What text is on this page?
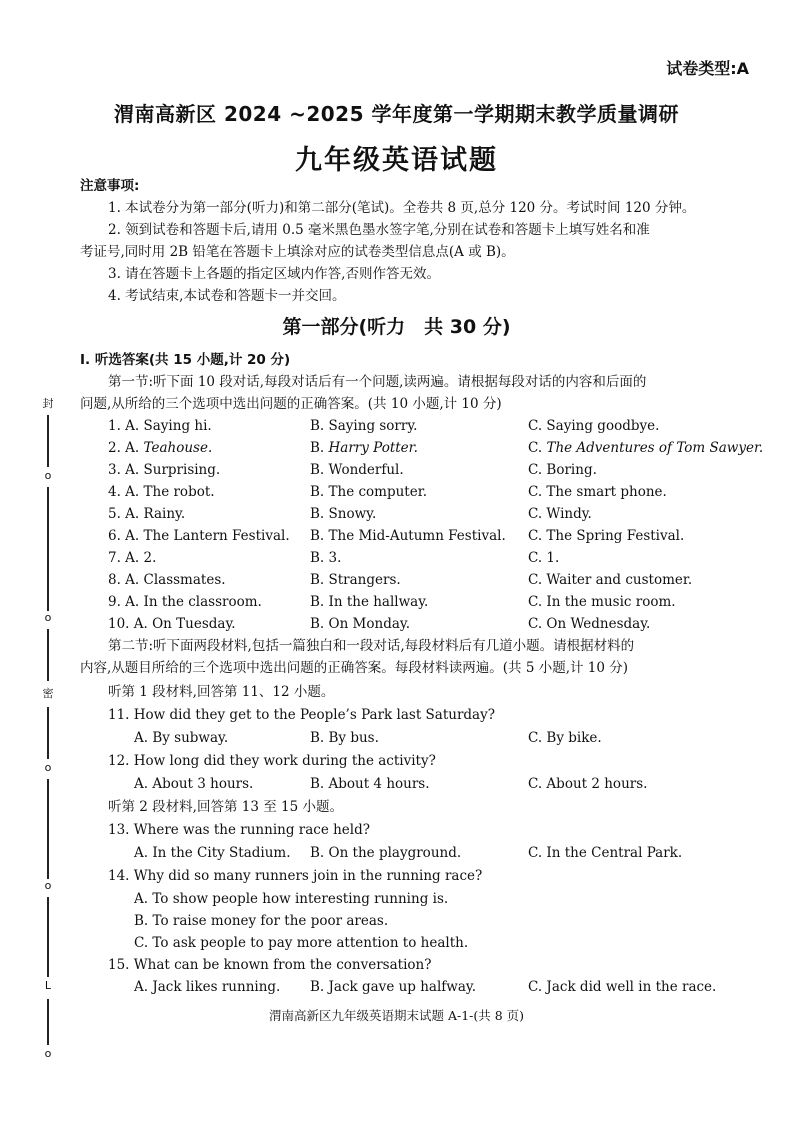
试卷类型:A
渭南高新区 2024 ~2025 学年度第一学期期末教学质量调研
九年级英语试题
注意事项:
1. 本试卷分为第一部分(听力)和第二部分(笔试)。全卷共 8 页,总分 120 分。考试时间 120 分钟。
2. 领到试卷和答题卡后,请用 0.5 毫米黑色墨水签字笔,分别在试卷和答题卡上填写姓名和准
考证号,同时用 2B 铅笔在答题卡上填涂对应的试卷类型信息点(A 或 B)。
3. 请在答题卡上各题的指定区域内作答,否则作答无效。
4. 考试结束,本试卷和答题卡一并交回。
第一部分(听力　共 30 分)
Ⅰ. 听选答案(共 15 小题,计 20 分)
第一节:听下面 10 段对话,每段对话后有一个问题,读两遍。请根据每段对话的内容和后面的
问题,从所给的三个选项中选出问题的正确答案。(共 10 小题,计 10 分)
1. A. Saying hi.	B. Saying sorry.	C. Saying goodbye.
2. A. Teahouse.	B. Harry Potter.	C. The Adventures of Tom Sawyer.
3. A. Surprising.	B. Wonderful.	C. Boring.
4. A. The robot.	B. The computer.	C. The smart phone.
5. A. Rainy.	B. Snowy.	C. Windy.
6. A. The Lantern Festival. B. The Mid-Autumn Festival. C. The Spring Festival.
7. A. 2.	B. 3.	C. 1.
8. A. Classmates.	B. Strangers.	C. Waiter and customer.
9. A. In the classroom.	B. In the hallway.	C. In the music room.
10. A. On Tuesday.	B. On Monday.	C. On Wednesday.
第二节:听下面两段材料,包括一篇独白和一段对话,每段材料后有几道小题。请根据材料的
内容,从题目所给的三个选项中选出问题的正确答案。每段材料读两遍。(共 5 小题,计 10 分)
听第 1 段材料,回答第 11、12 小题。
11. How did they get to the People’s Park last Saturday?
A. By subway.	B. By bus.	C. By bike.
12. How long did they work during the activity?
A. About 3 hours.	B. About 4 hours.	C. About 2 hours.
听第 2 段材料,回答第 13 至 15 小题。
13. Where was the running race held?
A. In the City Stadium. B. On the playground.	C. In the Central Park.
14. Why did so many runners join in the running race?
A. To show people how interesting running is.
B. To raise money for the poor areas.
C. To ask people to pay more attention to health.
15. What can be known from the conversation?
A. Jack likes running. B. Jack gave up halfway.	C. Jack did well in the race.
渭南高新区九年级英语期末试题 A-1-(共 8 页)
封
o
o
密
o
o
L
o
